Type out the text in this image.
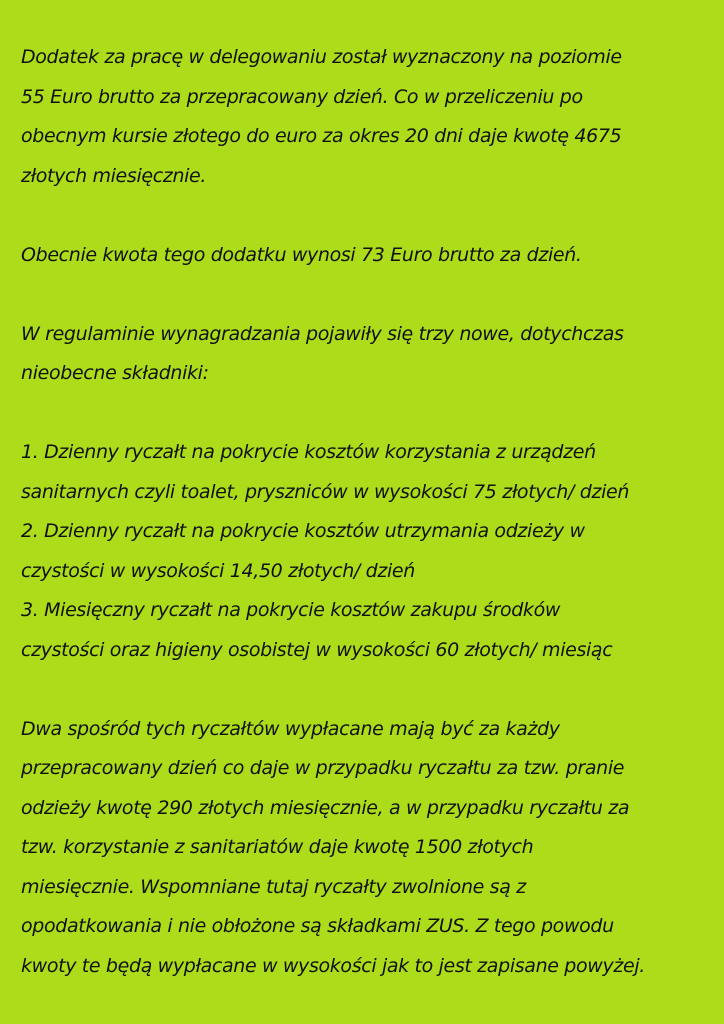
Dodatek za pracę w delegowaniu został wyznaczony na poziomie
55 Euro brutto za przepracowany dzień. Co w przeliczeniu po
obecnym kursie złotego do euro za okres 20 dni daje kwotę 4675
złotych miesięcznie.

Obecnie kwota tego dodatku wynosi 73 Euro brutto za dzień.

W regulaminie wynagradzania pojawiły się trzy nowe, dotychczas
nieobecne składniki:

1. Dzienny ryczałt na pokrycie kosztów korzystania z urządzeń
sanitarnych czyli toalet, pryszniców w wysokości 75 złotych/ dzień
2. Dzienny ryczałt na pokrycie kosztów utrzymania odzieży w
czystości w wysokości 14,50 złotych/ dzień
3. Miesięczny ryczałt na pokrycie kosztów zakupu środków
czystości oraz higieny osobistej w wysokości 60 złotych/ miesiąc

Dwa spośród tych ryczałtów wypłacane mają być za każdy
przepracowany dzień co daje w przypadku ryczałtu za tzw. pranie
odzieży kwotę 290 złotych miesięcznie, a w przypadku ryczałtu za
tzw. korzystanie z sanitariatów daje kwotę 1500 złotych
miesięcznie. Wspomniane tutaj ryczałty zwolnione są z
opodatkowania i nie obłożone są składkami ZUS. Z tego powodu
kwoty te będą wypłacane w wysokości jak to jest zapisane powyżej.
